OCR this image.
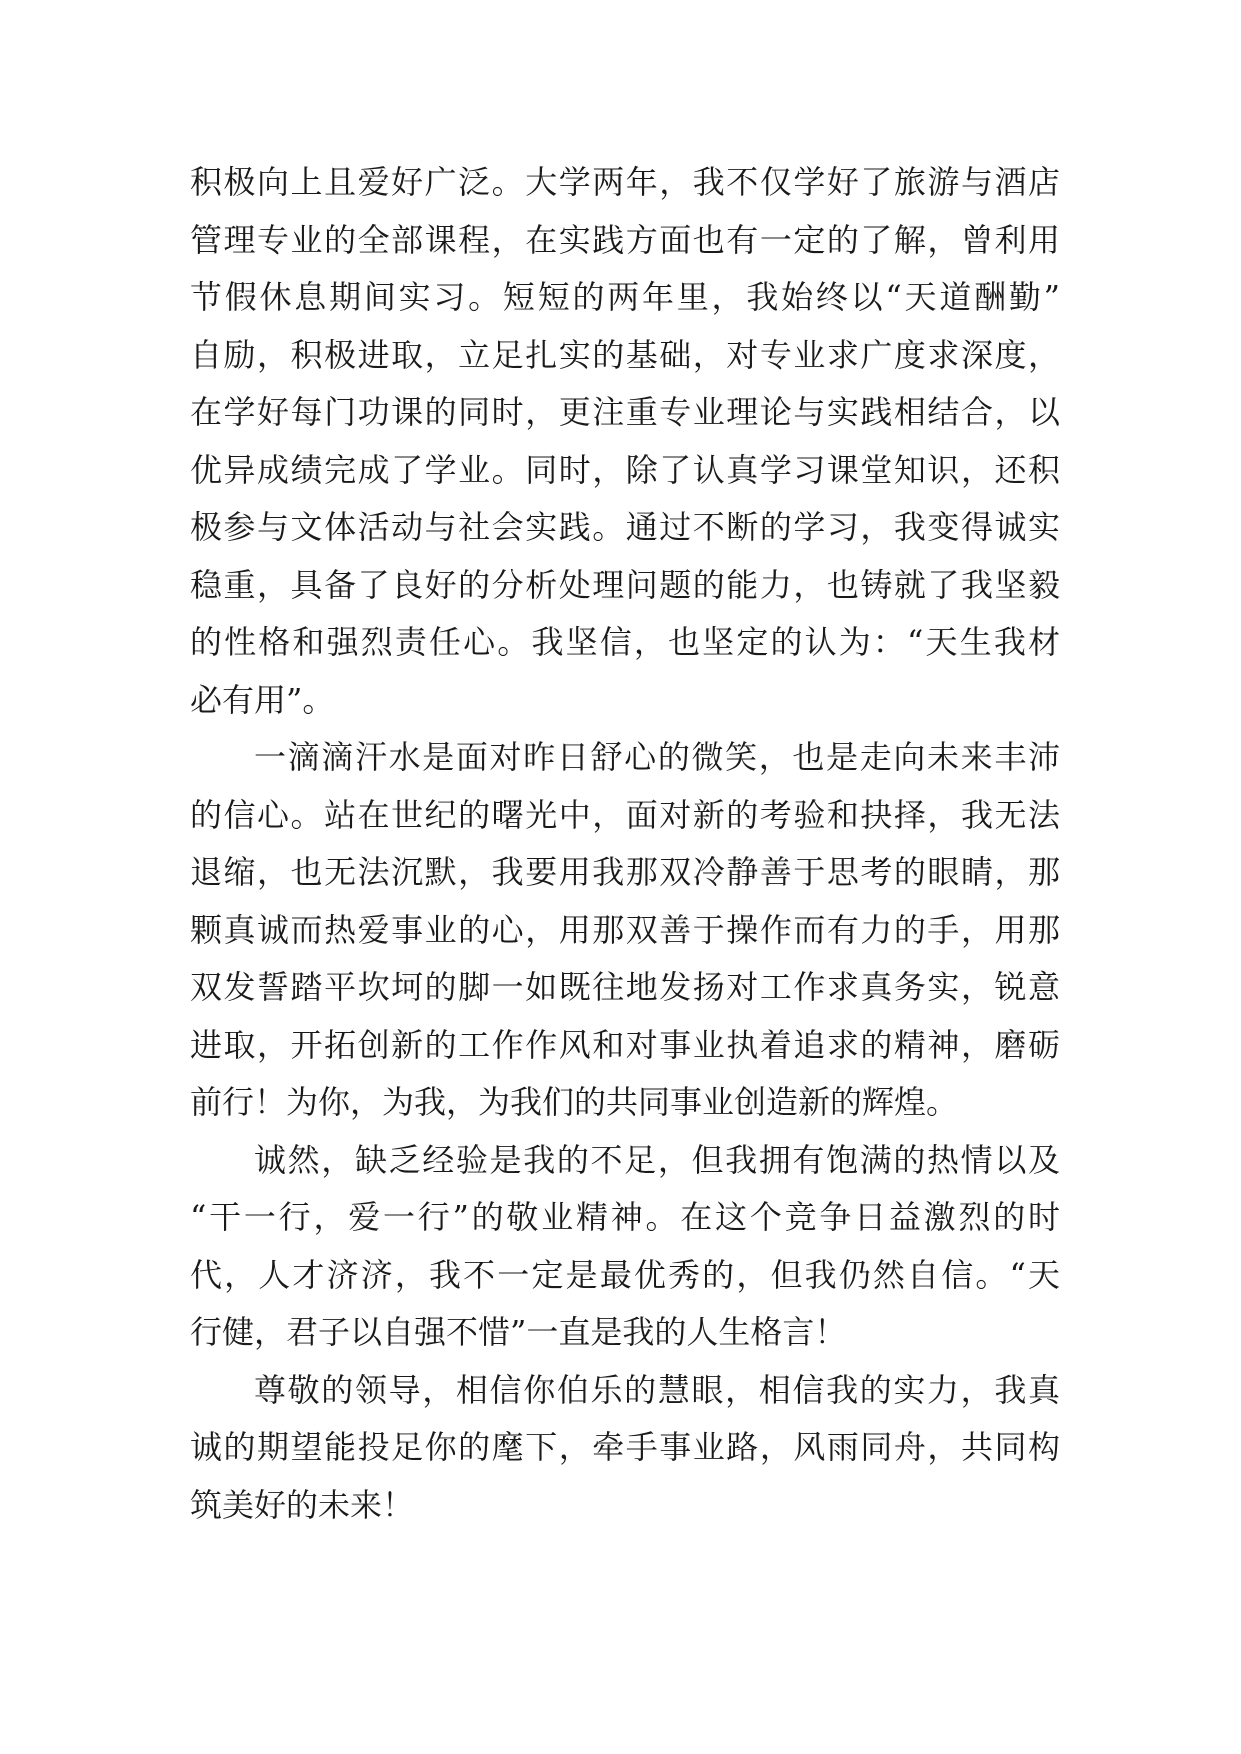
积极向上且爱好广泛。大学两年，我不仅学好了旅游与酒店
管理专业的全部课程，在实践方面也有一定的了解，曾利用
节假休息期间实习。短短的两年里，我始终以“天道酬勤”
自励，积极进取，立足扎实的基础，对专业求广度求深度，
在学好每门功课的同时，更注重专业理论与实践相结合，以
优异成绩完成了学业。同时，除了认真学习课堂知识，还积
极参与文体活动与社会实践。通过不断的学习，我变得诚实
稳重，具备了良好的分析处理问题的能力，也铸就了我坚毅
的性格和强烈责任心。我坚信，也坚定的认为：“天生我材
必有用”。
一滴滴汗水是面对昨日舒心的微笑，也是走向未来丰沛
的信心。站在世纪的曙光中，面对新的考验和抉择，我无法
退缩，也无法沉默，我要用我那双冷静善于思考的眼睛，那
颗真诚而热爱事业的心，用那双善于操作而有力的手，用那
双发誓踏平坎坷的脚一如既往地发扬对工作求真务实，锐意
进取，开拓创新的工作作风和对事业执着追求的精神，磨砺
前行！为你，为我，为我们的共同事业创造新的辉煌。
诚然，缺乏经验是我的不足，但我拥有饱满的热情以及
“干一行，爱一行”的敬业精神。在这个竞争日益激烈的时
代，人才济济，我不一定是最优秀的，但我仍然自信。“天
行健，君子以自强不惜”一直是我的人生格言！
尊敬的领导，相信你伯乐的慧眼，相信我的实力，我真
诚的期望能投足你的麾下，牵手事业路，风雨同舟，共同构
筑美好的未来！
